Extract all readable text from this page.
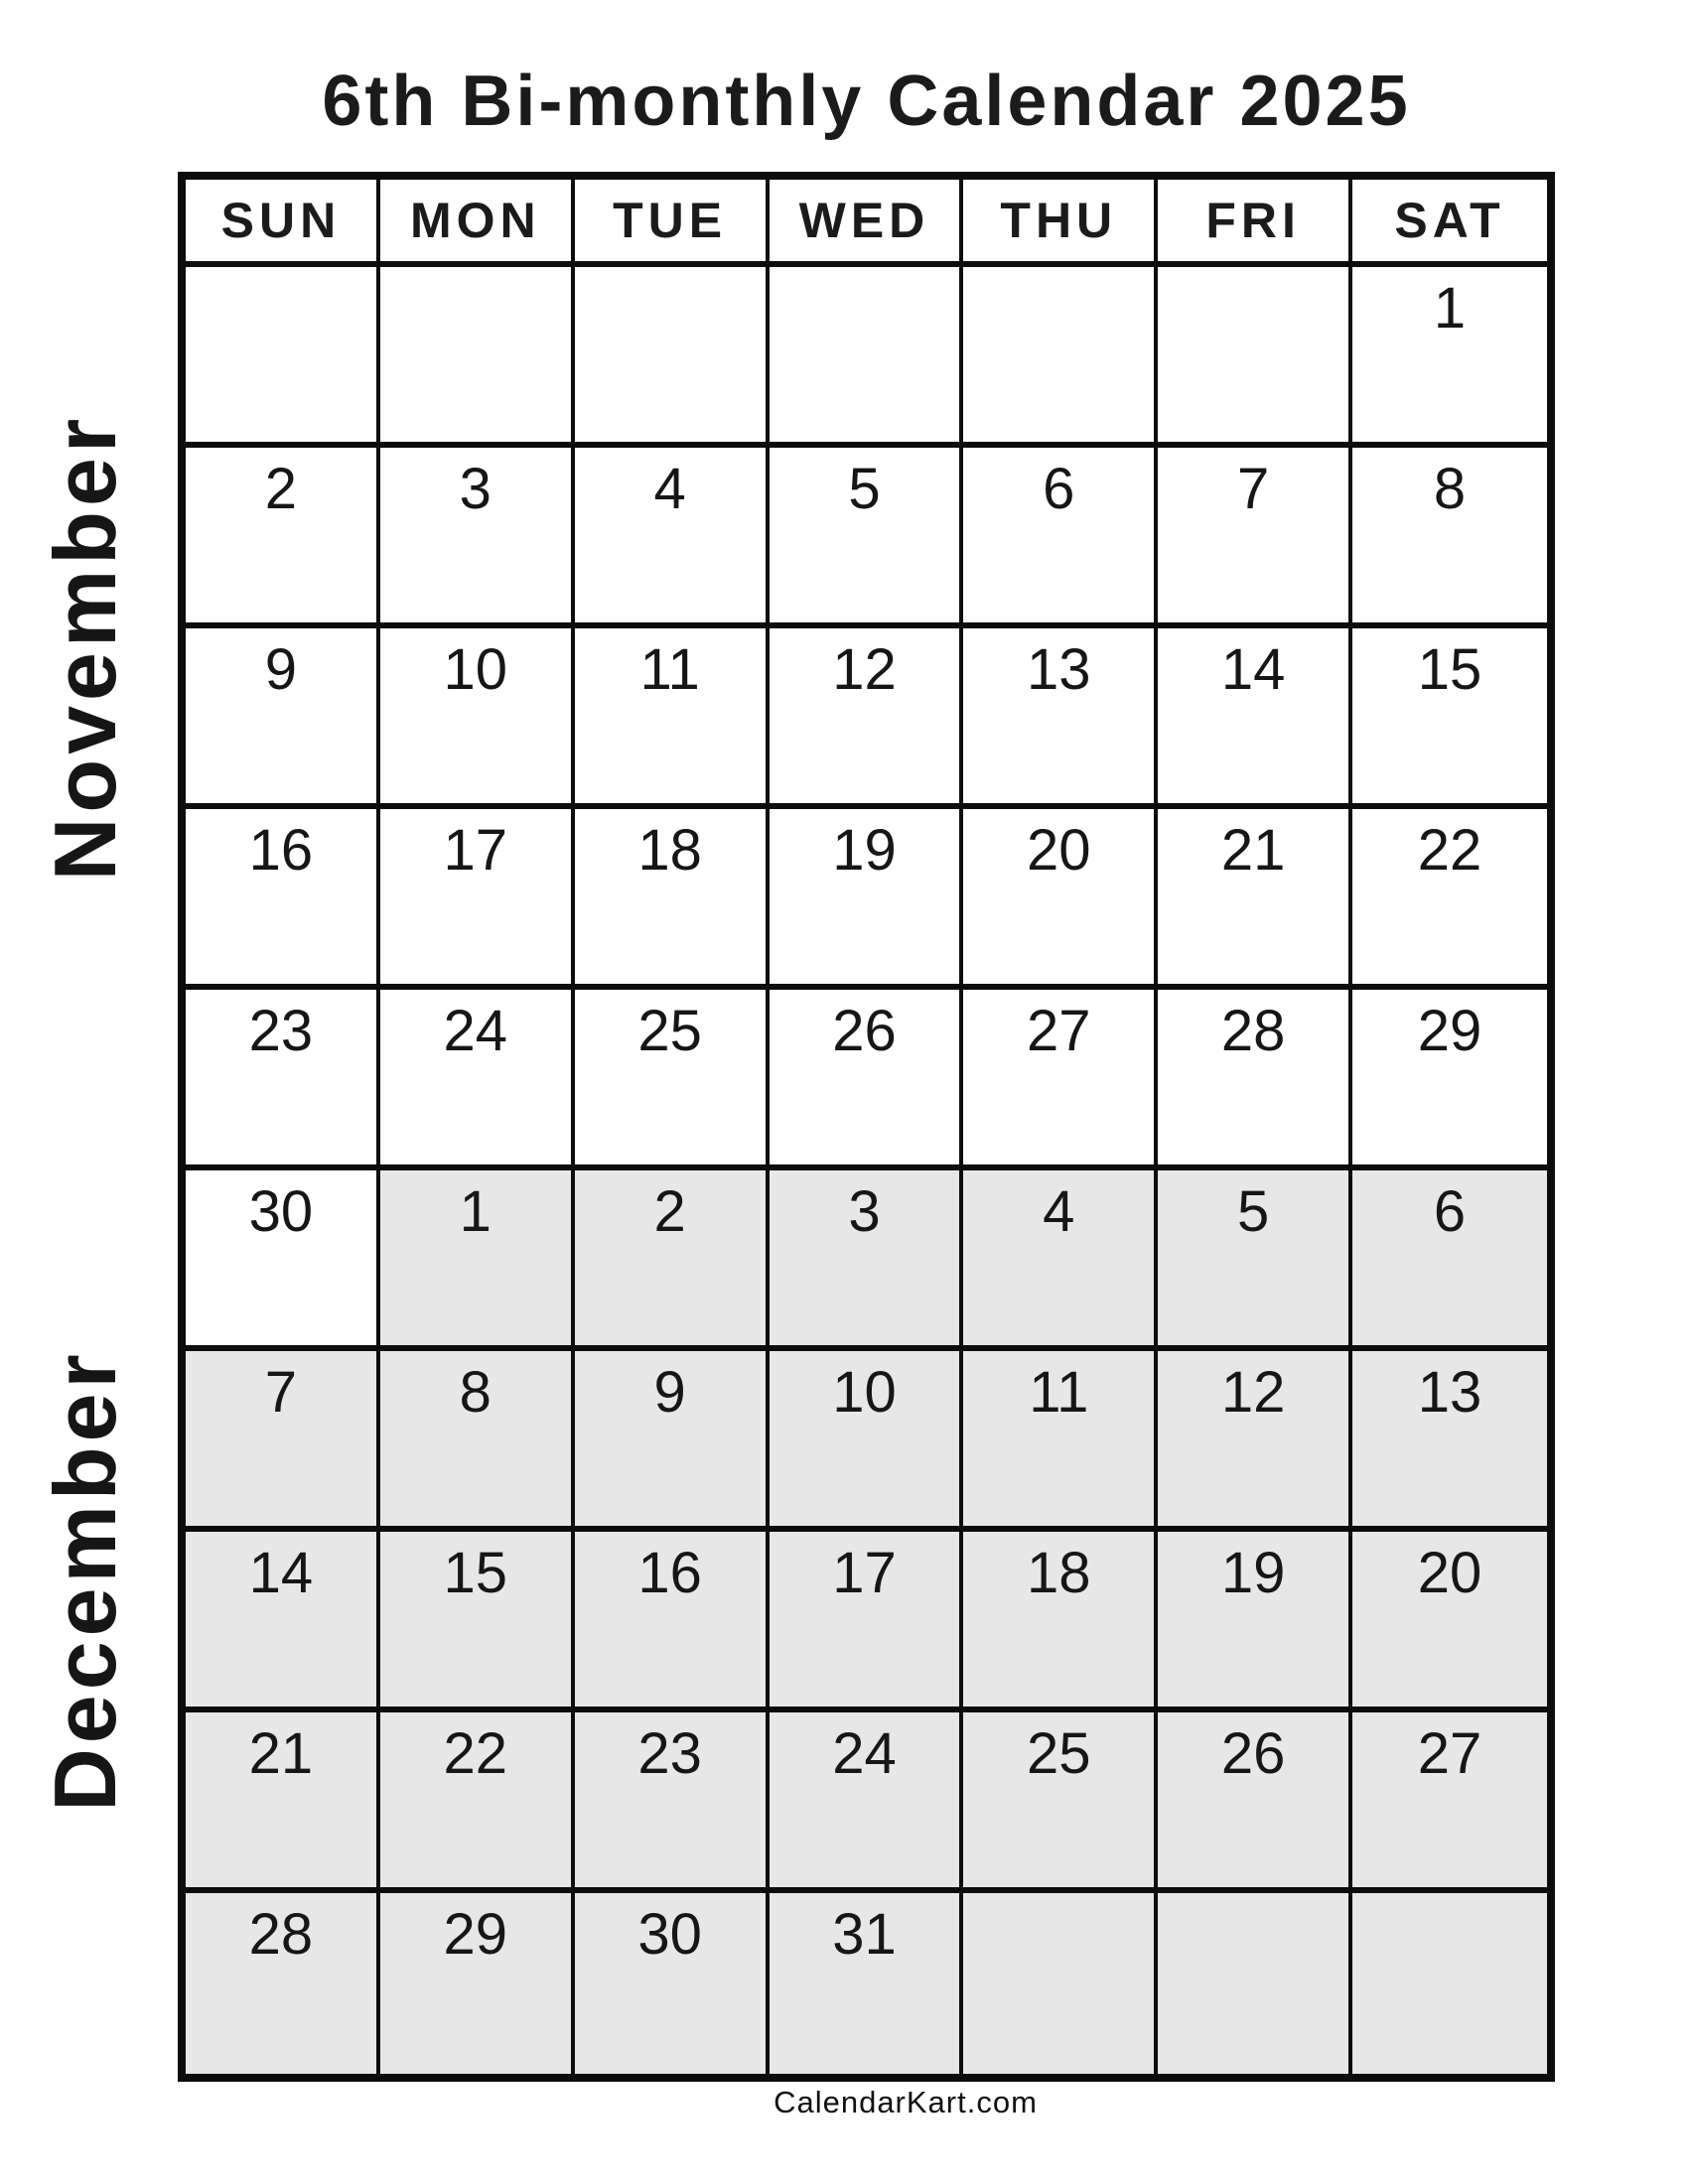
6th Bi-monthly Calendar 2025
November
December
SUN	MON	TUE	WED	THU	FRI	SAT
						1
2	3	4	5	6	7	8
9	10	11	12	13	14	15
16	17	18	19	20	21	22
23	24	25	26	27	28	29
30	1	2	3	4	5	6
7	8	9	10	11	12	13
14	15	16	17	18	19	20
21	22	23	24	25	26	27
28	29	30	31			
CalendarKart.com
